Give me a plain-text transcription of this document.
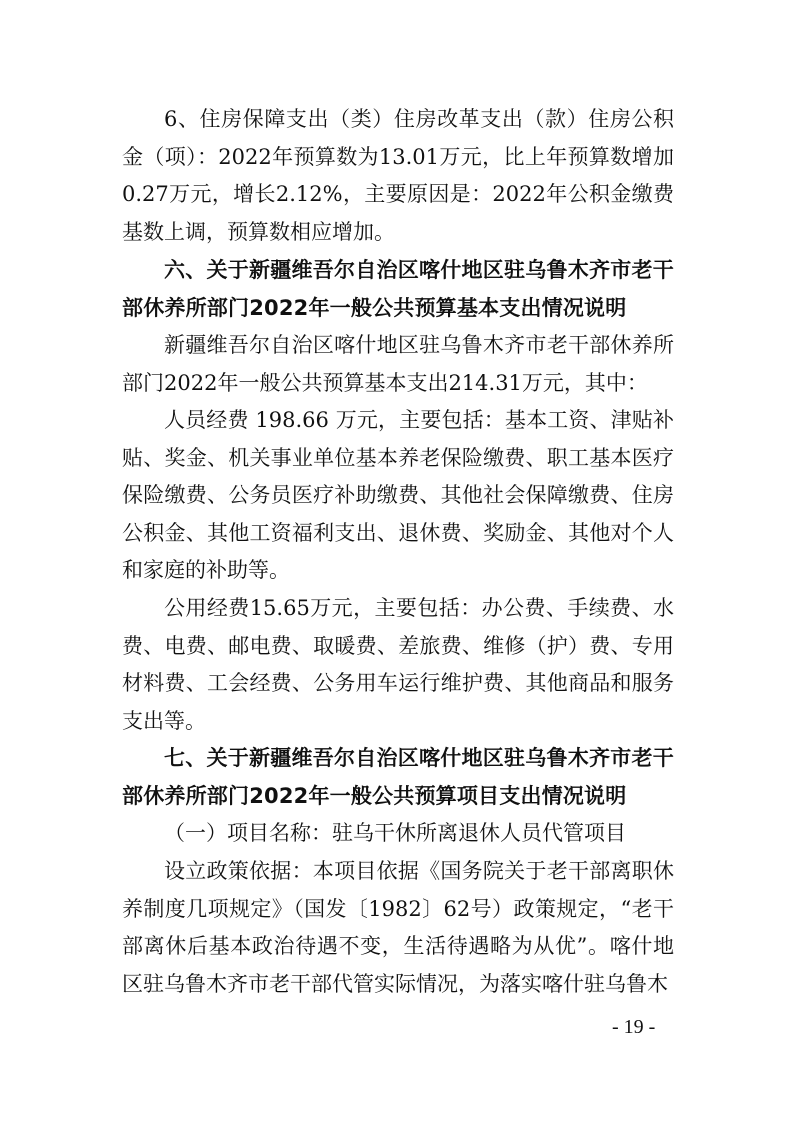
6、住房保障支出（类）住房改革支出（款）住房公积金（项）：2022年预算数为13.01万元，比上年预算数增加0.27万元，增长2.12%，主要原因是：2022年公积金缴费基数上调，预算数相应增加。

六、关于新疆维吾尔自治区喀什地区驻乌鲁木齐市老干部休养所部门2022年一般公共预算基本支出情况说明

新疆维吾尔自治区喀什地区驻乌鲁木齐市老干部休养所部门2022年一般公共预算基本支出214.31万元，其中：

人员经费 198.66 万元，主要包括：基本工资、津贴补贴、奖金、机关事业单位基本养老保险缴费、职工基本医疗保险缴费、公务员医疗补助缴费、其他社会保障缴费、住房公积金、其他工资福利支出、退休费、奖励金、其他对个人和家庭的补助等。

公用经费15.65万元，主要包括：办公费、手续费、水费、电费、邮电费、取暖费、差旅费、维修（护）费、专用材料费、工会经费、公务用车运行维护费、其他商品和服务支出等。

七、关于新疆维吾尔自治区喀什地区驻乌鲁木齐市老干部休养所部门2022年一般公共预算项目支出情况说明

（一）项目名称：驻乌干休所离退休人员代管项目

设立政策依据：本项目依据《国务院关于老干部离职休养制度几项规定》（国发〔1982〕62号）政策规定，“老干部离休后基本政治待遇不变，生活待遇略为从优”。喀什地区驻乌鲁木齐市老干部代管实际情况，为落实喀什驻乌鲁木

- 19 -
